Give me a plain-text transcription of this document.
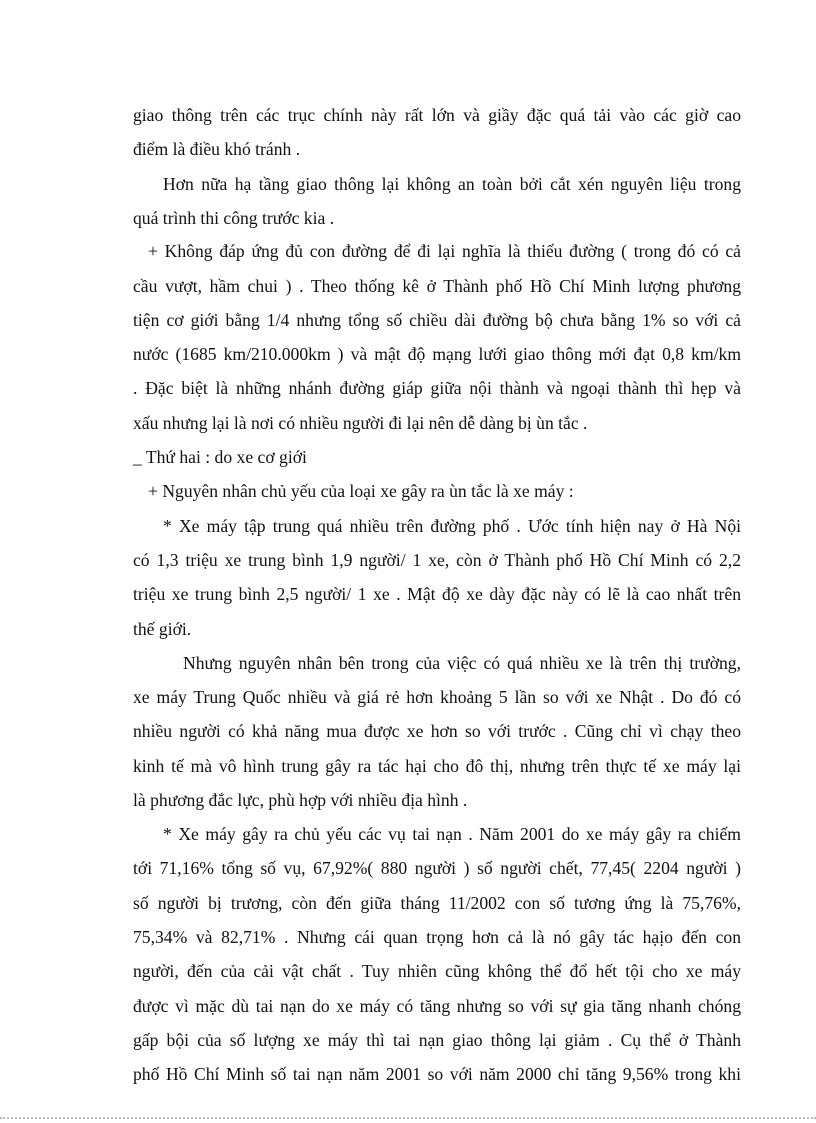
giao thông trên các trục chính này rất lớn và giầy đặc quá tải vào các giờ cao
điểm là điều khó tránh .
Hơn nữa hạ tầng giao thông lại không an toàn bởi cắt xén nguyên liệu trong
quá trình thi công trước kia .
+ Không đáp ứng đủ con đường để đi lại nghĩa là thiếu đường ( trong đó có cả
cầu vượt, hầm chui ) . Theo thống kê ở Thành phố Hồ Chí Minh lượng phương
tiện cơ giới bằng 1/4 nhưng tổng số chiều dài đường bộ chưa bằng 1% so với cả
nước (1685 km/210.000km ) và mật độ mạng lưới giao thông mới đạt 0,8 km/km
. Đặc biệt là những nhánh đường giáp giữa nội thành và ngoại thành thì hẹp và
xấu nhưng lại là nơi có nhiều người đi lại nên dễ dàng bị ùn tắc .
_ Thứ hai : do xe cơ giới
+ Nguyên nhân chủ yếu của loại xe gây ra ùn tắc là xe máy :
* Xe máy tập trung quá nhiều trên đường phố . Ước tính hiện nay ở Hà Nội
có 1,3 triệu xe trung bình 1,9 người/ 1 xe, còn ở Thành phố Hồ Chí Minh có 2,2
triệu xe trung bình 2,5 người/ 1 xe . Mật độ xe dày đặc này có lẽ là cao nhất trên
thế giới.
Nhưng nguyên nhân bên trong của việc có quá nhiều xe là trên thị trường,
xe máy Trung Quốc nhiều và giá rẻ hơn khoảng 5 lần so với xe Nhật . Do đó có
nhiều người có khả năng mua được xe hơn so với trước . Cũng chỉ vì chạy theo
kinh tế mà vô hình trung gây ra tác hại cho đô thị, nhưng trên thực tế xe máy lại
là phương đắc lực, phù hợp với nhiều địa hình .
* Xe máy gây ra chủ yếu các vụ tai nạn . Năm 2001 do xe máy gây ra chiếm
tới 71,16% tổng số vụ, 67,92%( 880 người ) số người chết, 77,45( 2204 người )
số người bị trương, còn đến giữa tháng 11/2002 con số tương ứng là 75,76%,
75,34% và 82,71% . Nhưng cái quan trọng hơn cả là nó gây tác hạịo đến con
người, đến của cải vật chất . Tuy nhiên cũng không thể đổ hết tội cho xe máy
được vì mặc dù tai nạn do xe máy có tăng nhưng so với sự gia tăng nhanh chóng
gấp bội của số lượng xe máy thì tai nạn giao thông lại giảm . Cụ thể ở Thành
phố Hồ Chí Minh số tai nạn năm 2001 so với năm 2000 chỉ tăng 9,56% trong khi
